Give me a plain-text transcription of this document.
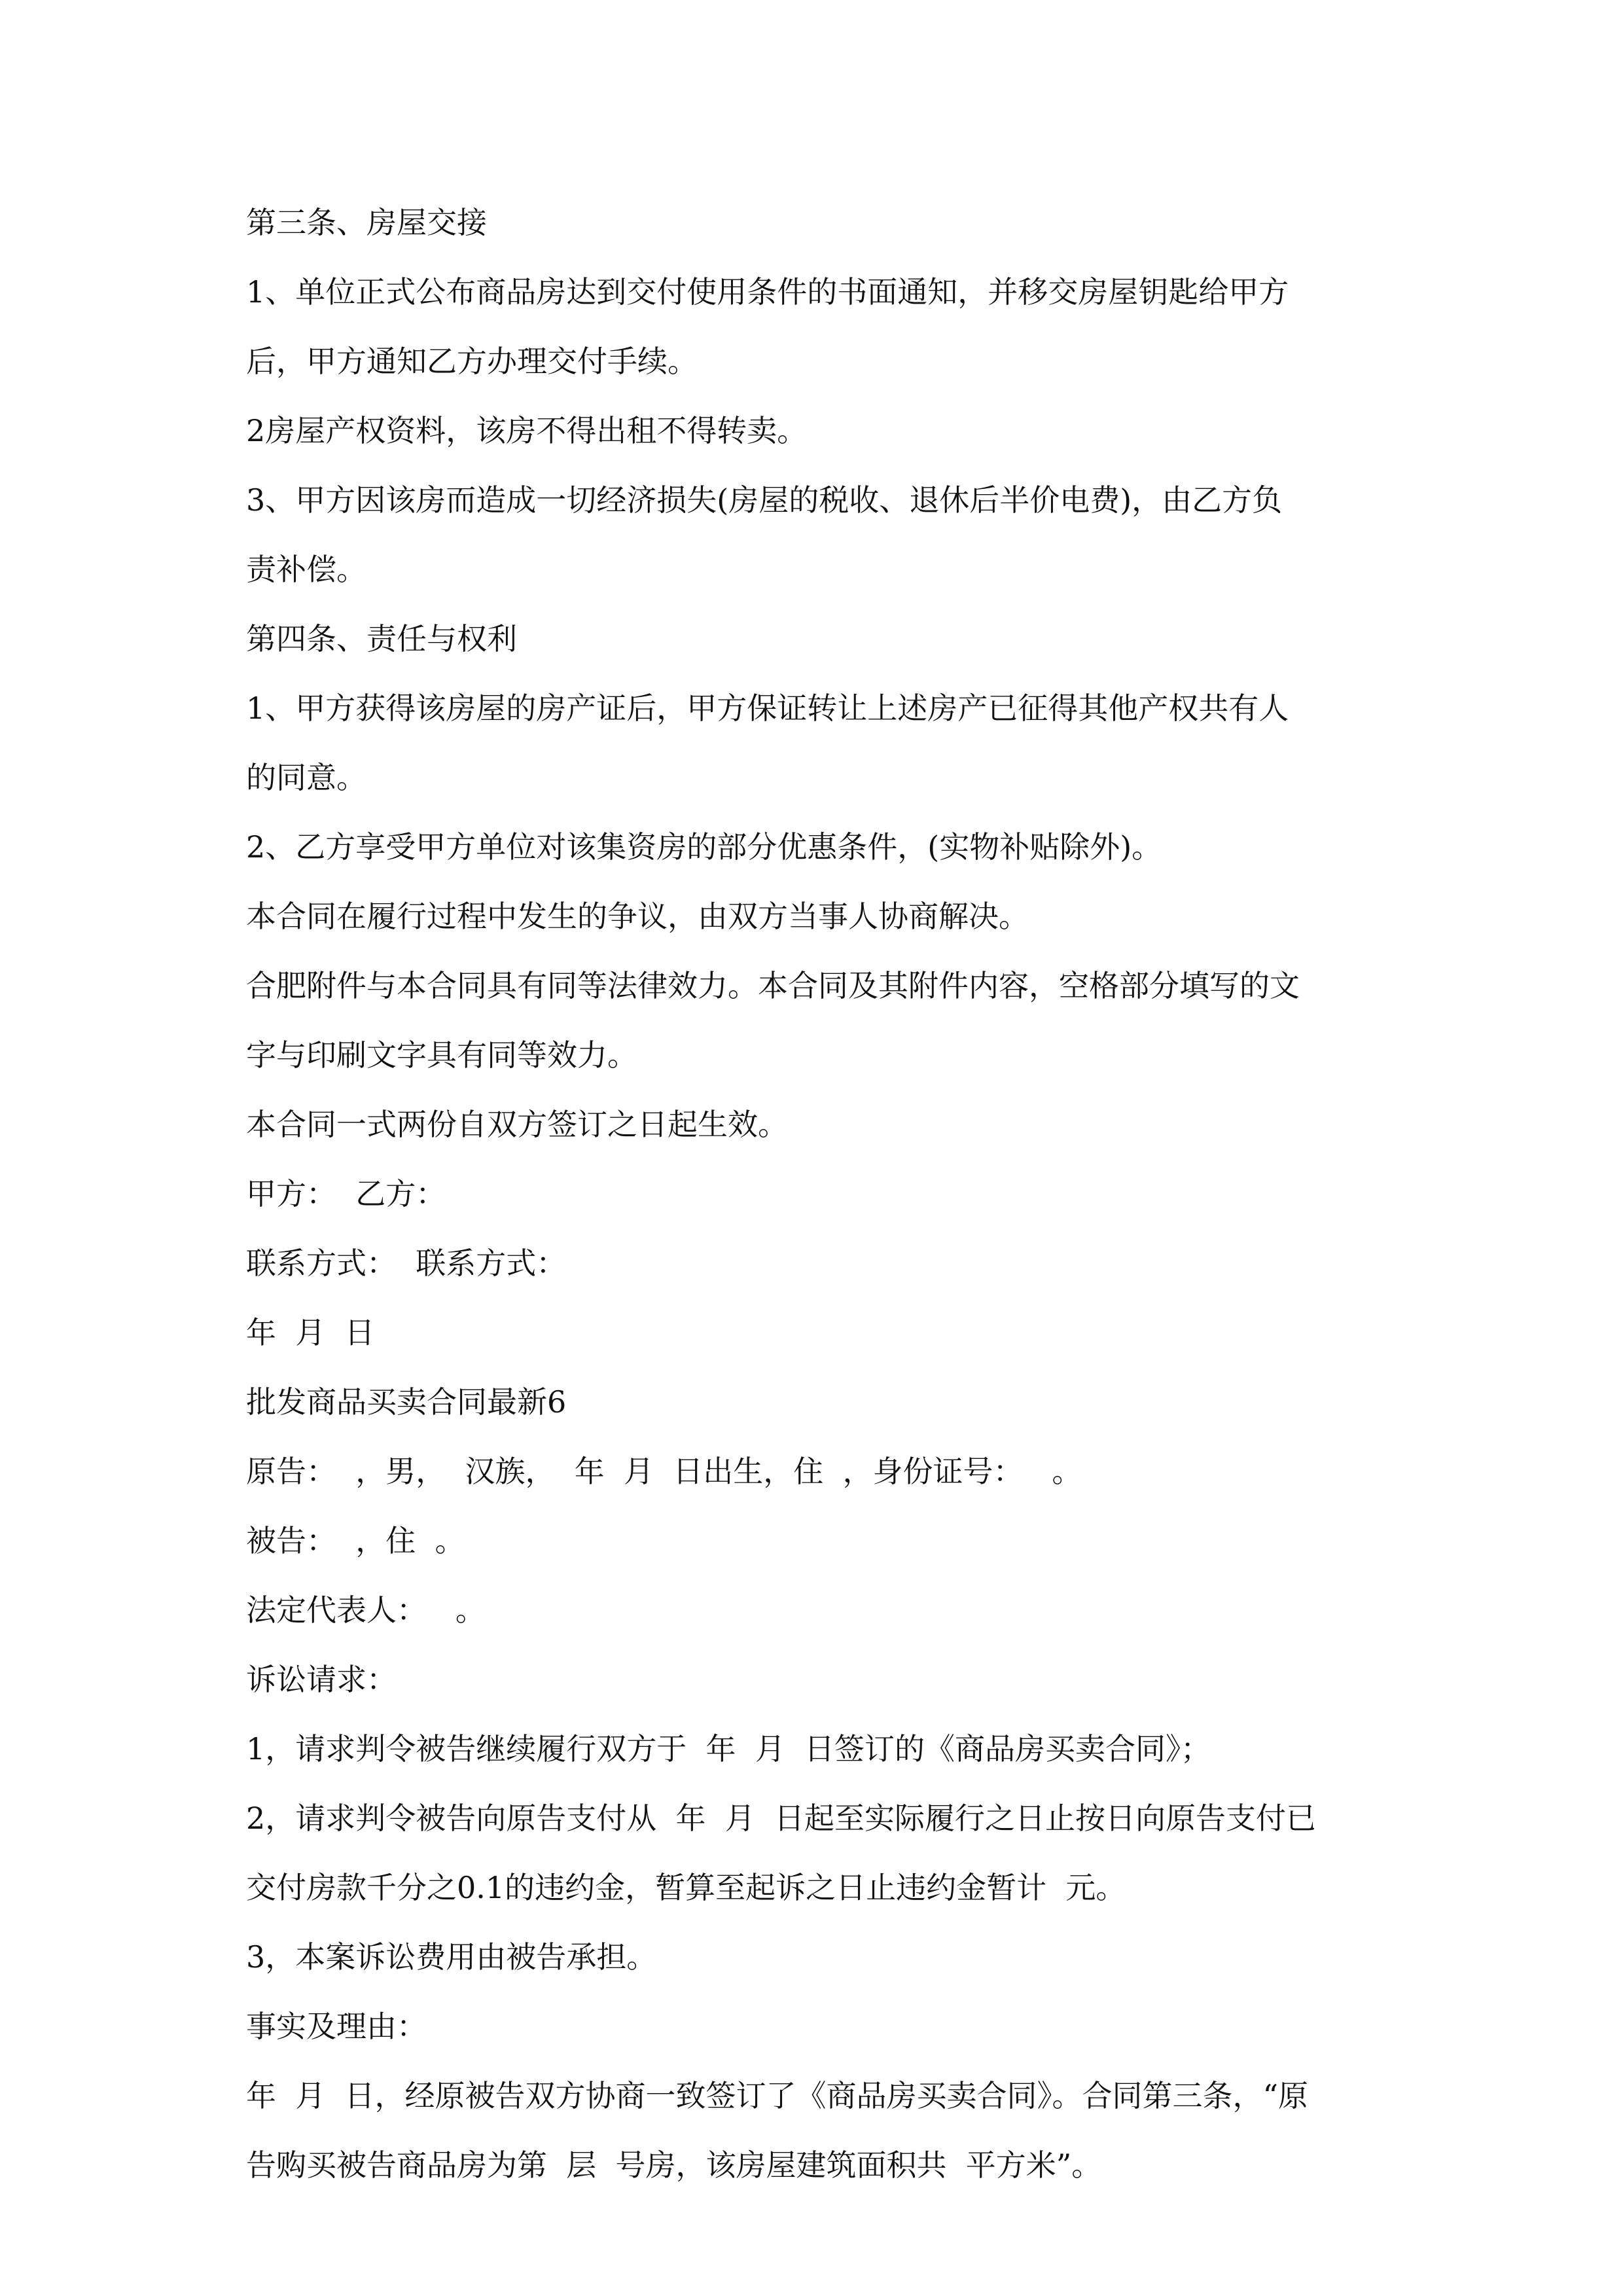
第三条、房屋交接

1、单位正式公布商品房达到交付使用条件的书面通知，并移交房屋钥匙给甲方

后，甲方通知乙方办理交付手续。

2房屋产权资料，该房不得出租不得转卖。

3、甲方因该房而造成一切经济损失(房屋的税收、退休后半价电费)，由乙方负

责补偿。

第四条、责任与权利

1、甲方获得该房屋的房产证后，甲方保证转让上述房产已征得其他产权共有人

的同意。

2、乙方享受甲方单位对该集资房的部分优惠条件，(实物补贴除外)。

本合同在履行过程中发生的争议，由双方当事人协商解决。

合肥附件与本合同具有同等法律效力。本合同及其附件内容，空格部分填写的文

字与印刷文字具有同等效力。

本合同一式两份自双方签订之日起生效。

甲方：  乙方：

联系方式：  联系方式：

年  月  日

批发商品买卖合同最新6

原告：  ，男，  汉族，  年  月  日出生，住  ，身份证号：   。

被告：  ，住  。

法定代表人：   。

诉讼请求：

1，请求判令被告继续履行双方于  年  月  日签订的《商品房买卖合同》；

2，请求判令被告向原告支付从  年  月  日起至实际履行之日止按日向原告支付已

交付房款千分之0.1的违约金，暂算至起诉之日止违约金暂计  元。

3，本案诉讼费用由被告承担。

事实及理由：

年  月  日，经原被告双方协商一致签订了《商品房买卖合同》。合同第三条，“原

告购买被告商品房为第  层  号房，该房屋建筑面积共  平方米”。
